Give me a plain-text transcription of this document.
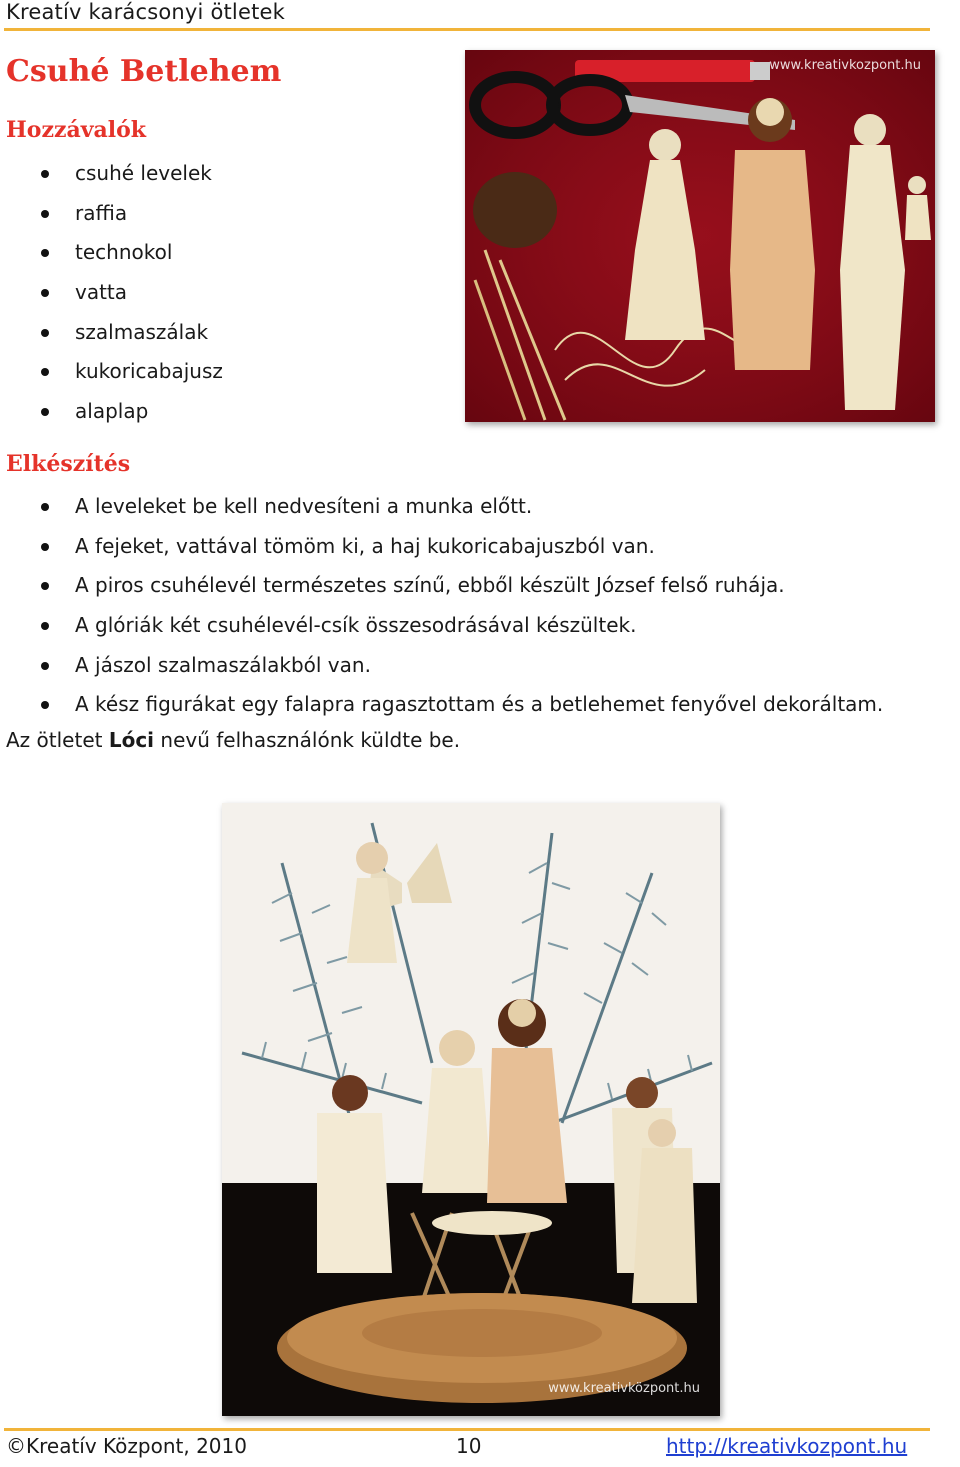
Kreatív karácsonyi ötletek
Csuhé Betlehem
Hozzávalók
csuhé levelek
raffia
technokol
vatta
szalmaszálak
kukoricabajusz
alaplap
Elkészítés
A leveleket be kell nedvesíteni a munka előtt.
A fejeket, vattával tömöm ki, a haj kukoricabajuszból van.
A piros csuhélevél természetes színű, ebből készült József felső ruhája.
A glóriák két csuhélevél-csík összesodrásával készültek.
A jászol szalmaszálakból van.
A kész figurákat egy falapra ragasztottam és a betlehemet fenyővel dekoráltam.
Az ötletet Lóci nevű felhasználónk küldte be.
www.kreativkozpont.hu
www.kreativközpont.hu
©Kreatív Központ, 2010	10	http://kreativkozpont.hu
